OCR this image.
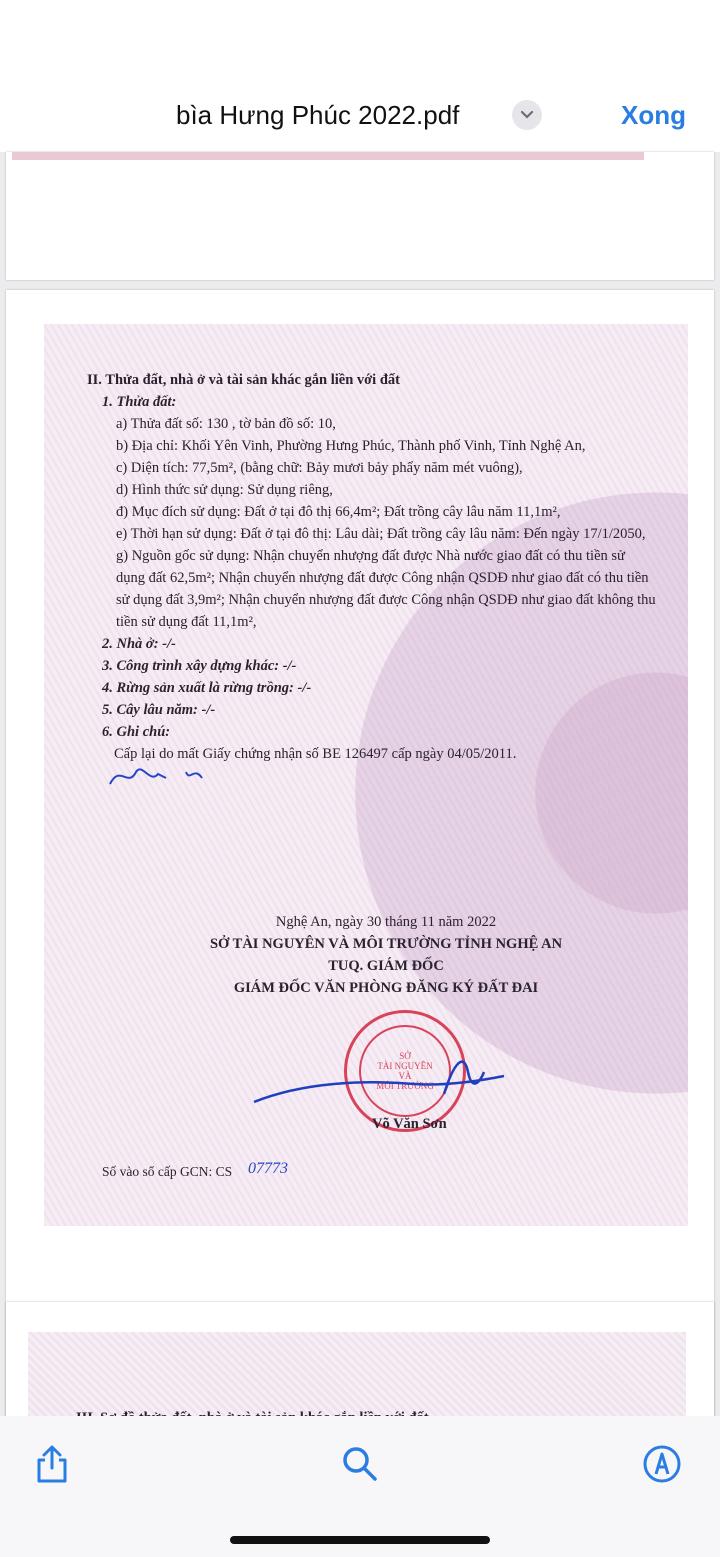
bìa Hưng Phúc 2022.pdf	Xong
II. Thửa đất, nhà ở và tài sản khác gắn liền với đất
1. Thửa đất:
a) Thửa đất số: 130 , tờ bản đồ số: 10,
b) Địa chỉ: Khối Yên Vinh, Phường Hưng Phúc, Thành phố Vinh, Tỉnh Nghệ An,
c) Diện tích: 77,5m², (bằng chữ: Bảy mươi bảy phẩy năm mét vuông),
d) Hình thức sử dụng: Sử dụng riêng,
đ) Mục đích sử dụng: Đất ở tại đô thị 66,4m²; Đất trồng cây lâu năm 11,1m²,
e) Thời hạn sử dụng: Đất ở tại đô thị: Lâu dài; Đất trồng cây lâu năm: Đến ngày 17/1/2050,
g) Nguồn gốc sử dụng: Nhận chuyển nhượng đất được Nhà nước giao đất có thu tiền sử
dụng đất 62,5m²; Nhận chuyển nhượng đất được Công nhận QSDĐ như giao đất có thu tiền
sử dụng đất 3,9m²; Nhận chuyển nhượng đất được Công nhận QSDĐ như giao đất không thu
tiền sử dụng đất 11,1m²,
2. Nhà ở: -/-
3. Công trình xây dựng khác: -/-
4. Rừng sản xuất là rừng trồng: -/-
5. Cây lâu năm: -/-
6. Ghi chú:
Cấp lại do mất Giấy chứng nhận số BE 126497 cấp ngày 04/05/2011.
Nghệ An, ngày 30 tháng 11 năm 2022
SỞ TÀI NGUYÊN VÀ MÔI TRƯỜNG TỈNH NGHỆ AN
TUQ. GIÁM ĐỐC
GIÁM ĐỐC VĂN PHÒNG ĐĂNG KÝ ĐẤT ĐAI
SỞ
TÀI NGUYÊN
VÀ
MÔI TRƯỜNG
Võ Văn Sơn
Số vào sổ cấp GCN: CS 07773
